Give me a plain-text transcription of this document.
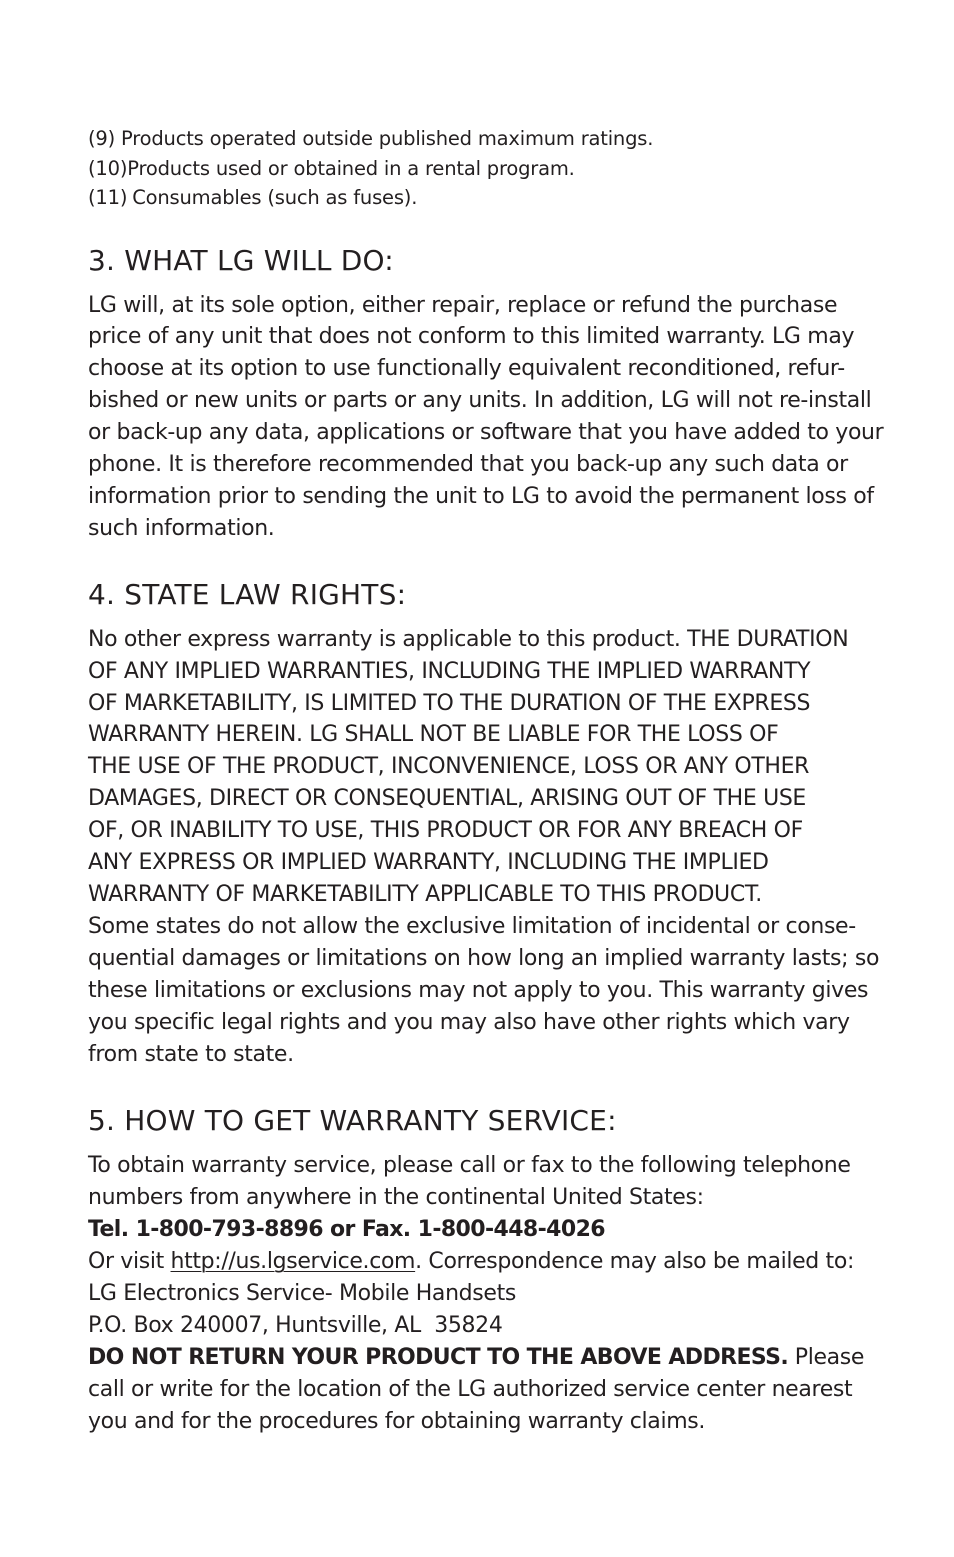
(9) Products operated outside published maximum ratings.
(10)Products used or obtained in a rental program.
(11) Consumables (such as fuses).
3. WHAT LG WILL DO:

LG will, at its sole option, either repair, replace or refund the purchase
price of any unit that does not conform to this limited warranty. LG may
choose at its option to use functionally equivalent reconditioned, refur-
bished or new units or parts or any units. In addition, LG will not re-install
or back-up any data, applications or software that you have added to your
phone. It is therefore recommended that you back-up any such data or
information prior to sending the unit to LG to avoid the permanent loss of
such information.

4. STATE LAW RIGHTS:

No other express warranty is applicable to this product. THE DURATION
OF ANY IMPLIED WARRANTIES, INCLUDING THE IMPLIED WARRANTY
OF MARKETABILITY, IS LIMITED TO THE DURATION OF THE EXPRESS
WARRANTY HEREIN. LG SHALL NOT BE LIABLE FOR THE LOSS OF
THE USE OF THE PRODUCT, INCONVENIENCE, LOSS OR ANY OTHER
DAMAGES, DIRECT OR CONSEQUENTIAL, ARISING OUT OF THE USE
OF, OR INABILITY TO USE, THIS PRODUCT OR FOR ANY BREACH OF
ANY EXPRESS OR IMPLIED WARRANTY, INCLUDING THE IMPLIED
WARRANTY OF MARKETABILITY APPLICABLE TO THIS PRODUCT.
Some states do not allow the exclusive limitation of incidental or conse-
quential damages or limitations on how long an implied warranty lasts; so
these limitations or exclusions may not apply to you. This warranty gives
you specific legal rights and you may also have other rights which vary
from state to state.

5. HOW TO GET WARRANTY SERVICE:

To obtain warranty service, please call or fax to the following telephone
numbers from anywhere in the continental United States:
Tel. 1-800-793-8896 or Fax. 1-800-448-4026
Or visit http://us.lgservice.com. Correspondence may also be mailed to:
LG Electronics Service- Mobile Handsets
P.O. Box 240007, Huntsville, AL  35824
DO NOT RETURN YOUR PRODUCT TO THE ABOVE ADDRESS. Please
call or write for the location of the LG authorized service center nearest
you and for the procedures for obtaining warranty claims.
